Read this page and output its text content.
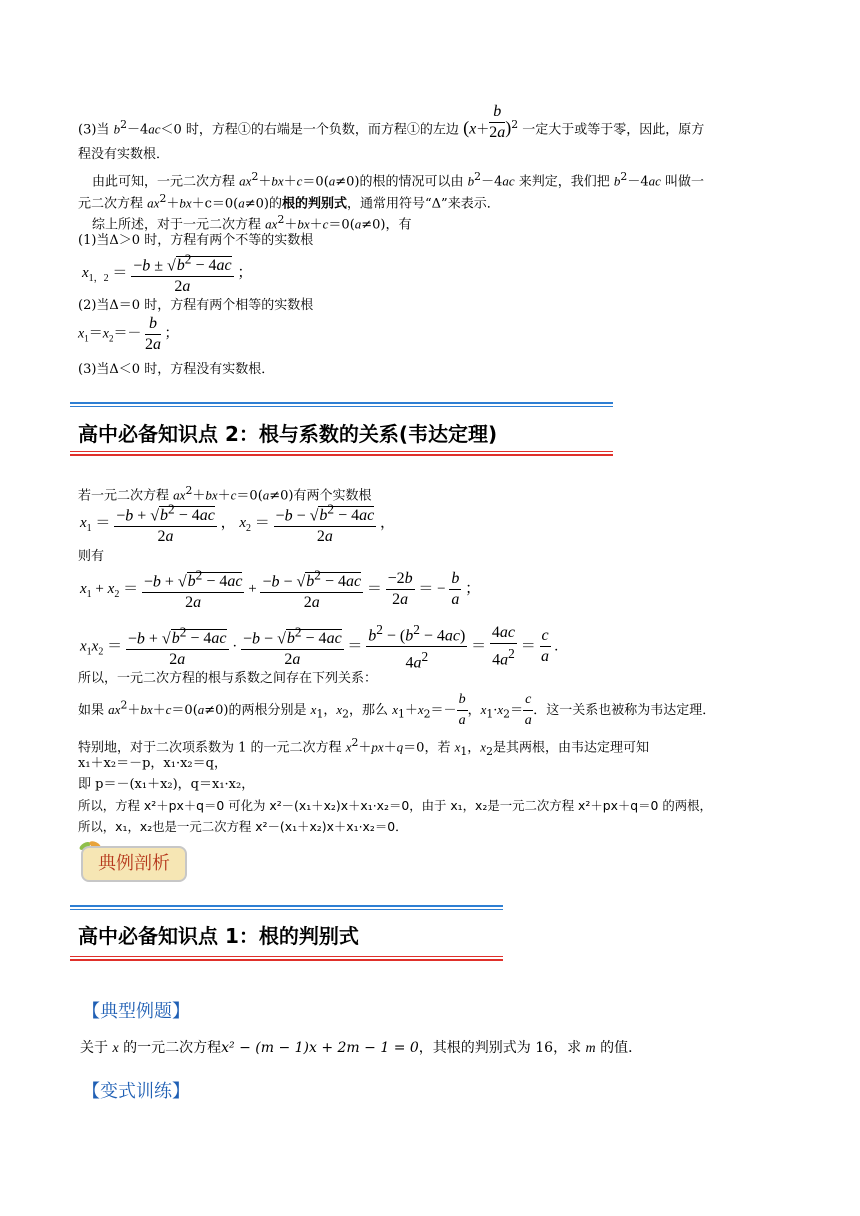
(3)当 $b^2-4ac<0$ 时，方程①的右端是一个负数，而方程①的左边 $(x+ \frac{b}{2a} )^2$ 一定大于或等于零，因此，原方
程没有实数根．
由此可知，一元二次方程 $ax^2+bx+c=0(a\ne 0)$的根的情况可以由 $b^2-4ac$ 来判定，我们把 $b^2-4ac$ 叫做一
元二次方程 $ax^2+bx+c=0(a\ne 0)$的根的判别式，通常用符号“Δ”来表示．
综上所述，对于一元二次方程 $ax^2+bx+c=0(a\ne 0)$，有
(1)当Δ＞0 时，方程有两个不等的实数根
$x_{1,2} = \frac{-b \pm √b^2 - 4ac}{2a}$ ；
(2)当Δ＝0 时，方程有两个相等的实数根
$x_1=x_2=- \frac{b}{2a}$ ；
(3)当Δ＜0 时，方程没有实数根．
高中必备知识点 2：根与系数的关系(韦达定理)
若一元二次方程 $ax^2+bx+c=0(a\ne 0)$有两个实数根
$x_1 = \frac{-b + √b^2 - 4ac}{2a}$ ， $x_2 = \frac{-b - √b^2 - 4ac}{2a}$ ，
则有
$x_1 + x_2 = \frac{-b + √b^2 - 4ac}{2a} + \frac{-b - √b^2 - 4ac}{2a} = \frac{-2b}{2a}$ ＝ − $\frac{b}{a}$ ；
$x_1x_2 = \frac{-b + √b^2 - 4ac}{2a} \cdot \frac{-b - √b^2 - 4ac}{2a} = \frac{b^2 - (b^2 - 4ac)}{4a^2} = \frac{4ac}{4a^2} = \frac{c}{a}$ .
所以，一元二次方程的根与系数之间存在下列关系：
如果 $ax^2+bx+c=0(a\ne 0)$的两根分别是 $x_1$，$x_2$，那么 $x_1+x_2=- \frac{b}{a}$ ，$x_1\cdot x_2= \frac{c}{a}$ ．这一关系也被称为韦达定理．
特别地，对于二次项系数为 1 的一元二次方程 $x^2+px+q=0$，若 $x_1$，$x_2$是其两根，由韦达定理可知
x₁＋x₂＝－p，x₁·x₂＝q，
即 p＝－(x₁＋x₂)，q＝x₁·x₂，
所以，方程 x²＋px＋q＝0 可化为 x²－(x₁＋x₂)x＋x₁·x₂＝0，由于 x₁，x₂是一元二次方程 x²＋px＋q＝0 的两根，
所以，x₁，x₂也是一元二次方程 x²－(x₁＋x₂)x＋x₁·x₂＝0．
典例剖析
高中必备知识点 1：根的判别式
【典型例题】
关于 x 的一元二次方程x² − (m − 1)x + 2m − 1 = 0，其根的判别式为 16，求 m 的值．
【变式训练】
